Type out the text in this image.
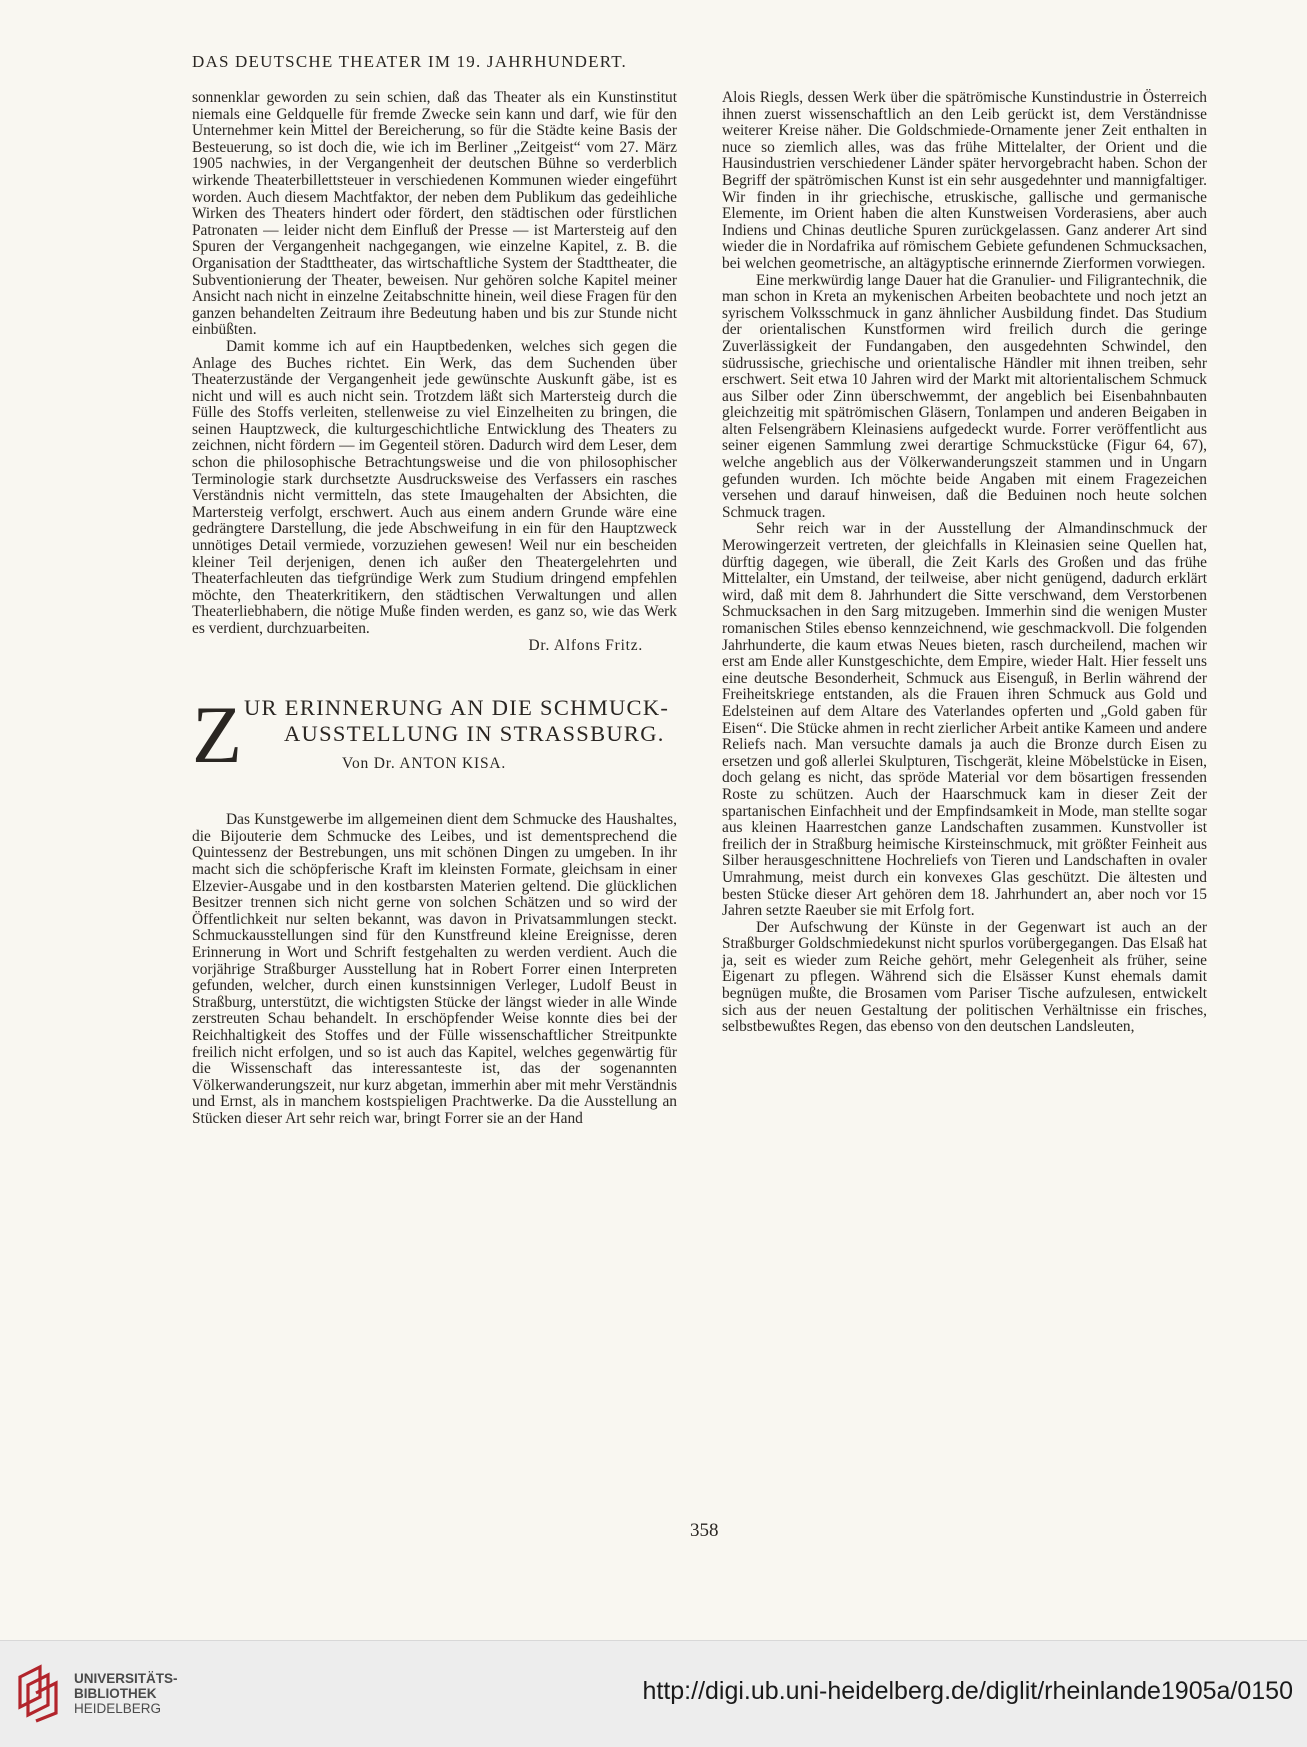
DAS DEUTSCHE THEATER IM 19. JAHRHUNDERT.

sonnenklar geworden zu sein schien, daß das Theater als ein Kunstinstitut niemals eine Geldquelle für fremde Zwecke sein kann und darf, wie für den Unternehmer kein Mittel der Bereicherung, so für die Städte keine Basis der Besteuerung, so ist doch die, wie ich im Berliner „Zeitgeist“ vom 27. März 1905 nachwies, in der Vergangenheit der deutschen Bühne so verderblich wirkende Theaterbillettsteuer in verschiedenen Kommunen wieder eingeführt worden. Auch diesem Machtfaktor, der neben dem Publikum das gedeihliche Wirken des Theaters hindert oder fördert, den städtischen oder fürstlichen Patronaten — leider nicht dem Einfluß der Presse — ist Martersteig auf den Spuren der Vergangenheit nachgegangen, wie einzelne Kapitel, z. B. die Organisation der Stadttheater, das wirtschaftliche System der Stadttheater, die Subventionierung der Theater, beweisen. Nur gehören solche Kapitel meiner Ansicht nach nicht in einzelne Zeitabschnitte hinein, weil diese Fragen für den ganzen behandelten Zeitraum ihre Bedeutung haben und bis zur Stunde nicht einbüßten.

Damit komme ich auf ein Hauptbedenken, welches sich gegen die Anlage des Buches richtet. Ein Werk, das dem Suchenden über Theaterzustände der Vergangenheit jede gewünschte Auskunft gäbe, ist es nicht und will es auch nicht sein. Trotzdem läßt sich Martersteig durch die Fülle des Stoffs verleiten, stellenweise zu viel Einzelheiten zu bringen, die seinen Hauptzweck, die kulturgeschichtliche Entwicklung des Theaters zu zeichnen, nicht fördern — im Gegenteil stören. Dadurch wird dem Leser, dem schon die philosophische Betrachtungsweise und die von philosophischer Terminologie stark durchsetzte Ausdrucksweise des Verfassers ein rasches Verständnis nicht vermitteln, das stete Imaugehalten der Absichten, die Martersteig verfolgt, erschwert. Auch aus einem andern Grunde wäre eine gedrängtere Darstellung, die jede Abschweifung in ein für den Hauptzweck unnötiges Detail vermiede, vorzuziehen gewesen! Weil nur ein bescheiden kleiner Teil derjenigen, denen ich außer den Theatergelehrten und Theaterfachleuten das tiefgründige Werk zum Studium dringend empfehlen möchte, den Theaterkritikern, den städtischen Verwaltungen und allen Theaterliebhabern, die nötige Muße finden werden, es ganz so, wie das Werk es verdient, durchzuarbeiten.

Dr. Alfons Fritz.

Z UR ERINNERUNG AN DIE SCHMUCK-
AUSSTELLUNG IN STRASSBURG.
Von Dr. ANTON KISA.

Das Kunstgewerbe im allgemeinen dient dem Schmucke des Haushaltes, die Bijouterie dem Schmucke des Leibes, und ist dementsprechend die Quintessenz der Bestrebungen, uns mit schönen Dingen zu umgeben. In ihr macht sich die schöpferische Kraft im kleinsten Formate, gleichsam in einer Elzevier-Ausgabe und in den kostbarsten Materien geltend. Die glücklichen Besitzer trennen sich nicht gerne von solchen Schätzen und so wird der Öffentlichkeit nur selten bekannt, was davon in Privatsammlungen steckt. Schmuckausstellungen sind für den Kunstfreund kleine Ereignisse, deren Erinnerung in Wort und Schrift festgehalten zu werden verdient. Auch die vorjährige Straßburger Ausstellung hat in Robert Forrer einen Interpreten gefunden, welcher, durch einen kunstsinnigen Verleger, Ludolf Beust in Straßburg, unterstützt, die wichtigsten Stücke der längst wieder in alle Winde zerstreuten Schau behandelt. In erschöpfender Weise konnte dies bei der Reichhaltigkeit des Stoffes und der Fülle wissenschaftlicher Streitpunkte freilich nicht erfolgen, und so ist auch das Kapitel, welches gegenwärtig für die Wissenschaft das interessanteste ist, das der sogenannten Völkerwanderungszeit, nur kurz abgetan, immerhin aber mit mehr Verständnis und Ernst, als in manchem kostspieligen Prachtwerke. Da die Ausstellung an Stücken dieser Art sehr reich war, bringt Forrer sie an der Hand

Alois Riegls, dessen Werk über die spätrömische Kunstindustrie in Österreich ihnen zuerst wissenschaftlich an den Leib gerückt ist, dem Verständnisse weiterer Kreise näher. Die Goldschmiede-Ornamente jener Zeit enthalten in nuce so ziemlich alles, was das frühe Mittelalter, der Orient und die Hausindustrien verschiedener Länder später hervorgebracht haben. Schon der Begriff der spätrömischen Kunst ist ein sehr ausgedehnter und mannigfaltiger. Wir finden in ihr griechische, etruskische, gallische und germanische Elemente, im Orient haben die alten Kunstweisen Vorderasiens, aber auch Indiens und Chinas deutliche Spuren zurückgelassen. Ganz anderer Art sind wieder die in Nordafrika auf römischem Gebiete gefundenen Schmucksachen, bei welchen geometrische, an altägyptische erinnernde Zierformen vorwiegen.

Eine merkwürdig lange Dauer hat die Granulier- und Filigrantechnik, die man schon in Kreta an mykenischen Arbeiten beobachtete und noch jetzt an syrischem Volksschmuck in ganz ähnlicher Ausbildung findet. Das Studium der orientalischen Kunstformen wird freilich durch die geringe Zuverlässigkeit der Fundangaben, den ausgedehnten Schwindel, den südrussische, griechische und orientalische Händler mit ihnen treiben, sehr erschwert. Seit etwa 10 Jahren wird der Markt mit altorientalischem Schmuck aus Silber oder Zinn überschwemmt, der angeblich bei Eisenbahnbauten gleichzeitig mit spätrömischen Gläsern, Tonlampen und anderen Beigaben in alten Felsengräbern Kleinasiens aufgedeckt wurde. Forrer veröffentlicht aus seiner eigenen Sammlung zwei derartige Schmuckstücke (Figur 64, 67), welche angeblich aus der Völkerwanderungszeit stammen und in Ungarn gefunden wurden. Ich möchte beide Angaben mit einem Fragezeichen versehen und darauf hinweisen, daß die Beduinen noch heute solchen Schmuck tragen.

Sehr reich war in der Ausstellung der Almandinschmuck der Merowingerzeit vertreten, der gleichfalls in Kleinasien seine Quellen hat, dürftig dagegen, wie überall, die Zeit Karls des Großen und das frühe Mittelalter, ein Umstand, der teilweise, aber nicht genügend, dadurch erklärt wird, daß mit dem 8. Jahrhundert die Sitte verschwand, dem Verstorbenen Schmucksachen in den Sarg mitzugeben. Immerhin sind die wenigen Muster romanischen Stiles ebenso kennzeichnend, wie geschmackvoll. Die folgenden Jahrhunderte, die kaum etwas Neues bieten, rasch durcheilend, machen wir erst am Ende aller Kunstgeschichte, dem Empire, wieder Halt. Hier fesselt uns eine deutsche Besonderheit, Schmuck aus Eisenguß, in Berlin während der Freiheitskriege entstanden, als die Frauen ihren Schmuck aus Gold und Edelsteinen auf dem Altare des Vaterlandes opferten und „Gold gaben für Eisen“. Die Stücke ahmen in recht zierlicher Arbeit antike Kameen und andere Reliefs nach. Man versuchte damals ja auch die Bronze durch Eisen zu ersetzen und goß allerlei Skulpturen, Tischgerät, kleine Möbelstücke in Eisen, doch gelang es nicht, das spröde Material vor dem bösartigen fressenden Roste zu schützen. Auch der Haarschmuck kam in dieser Zeit der spartanischen Einfachheit und der Empfindsamkeit in Mode, man stellte sogar aus kleinen Haarrestchen ganze Landschaften zusammen. Kunstvoller ist freilich der in Straßburg heimische Kirsteinschmuck, mit größter Feinheit aus Silber herausgeschnittene Hochreliefs von Tieren und Landschaften in ovaler Umrahmung, meist durch ein konvexes Glas geschützt. Die ältesten und besten Stücke dieser Art gehören dem 18. Jahrhundert an, aber noch vor 15 Jahren setzte Raeuber sie mit Erfolg fort.

Der Aufschwung der Künste in der Gegenwart ist auch an der Straßburger Goldschmiedekunst nicht spurlos vorübergegangen. Das Elsaß hat ja, seit es wieder zum Reiche gehört, mehr Gelegenheit als früher, seine Eigenart zu pflegen. Während sich die Elsässer Kunst ehemals damit begnügen mußte, die Brosamen vom Pariser Tische aufzulesen, entwickelt sich aus der neuen Gestaltung der politischen Verhältnisse ein frisches, selbstbewußtes Regen, das ebenso von den deutschen Landsleuten,

358
UNIVERSITÄTS-
BIBLIOTHEK
HEIDELBERG
http://digi.ub.uni-heidelberg.de/diglit/rheinlande1905a/0150
